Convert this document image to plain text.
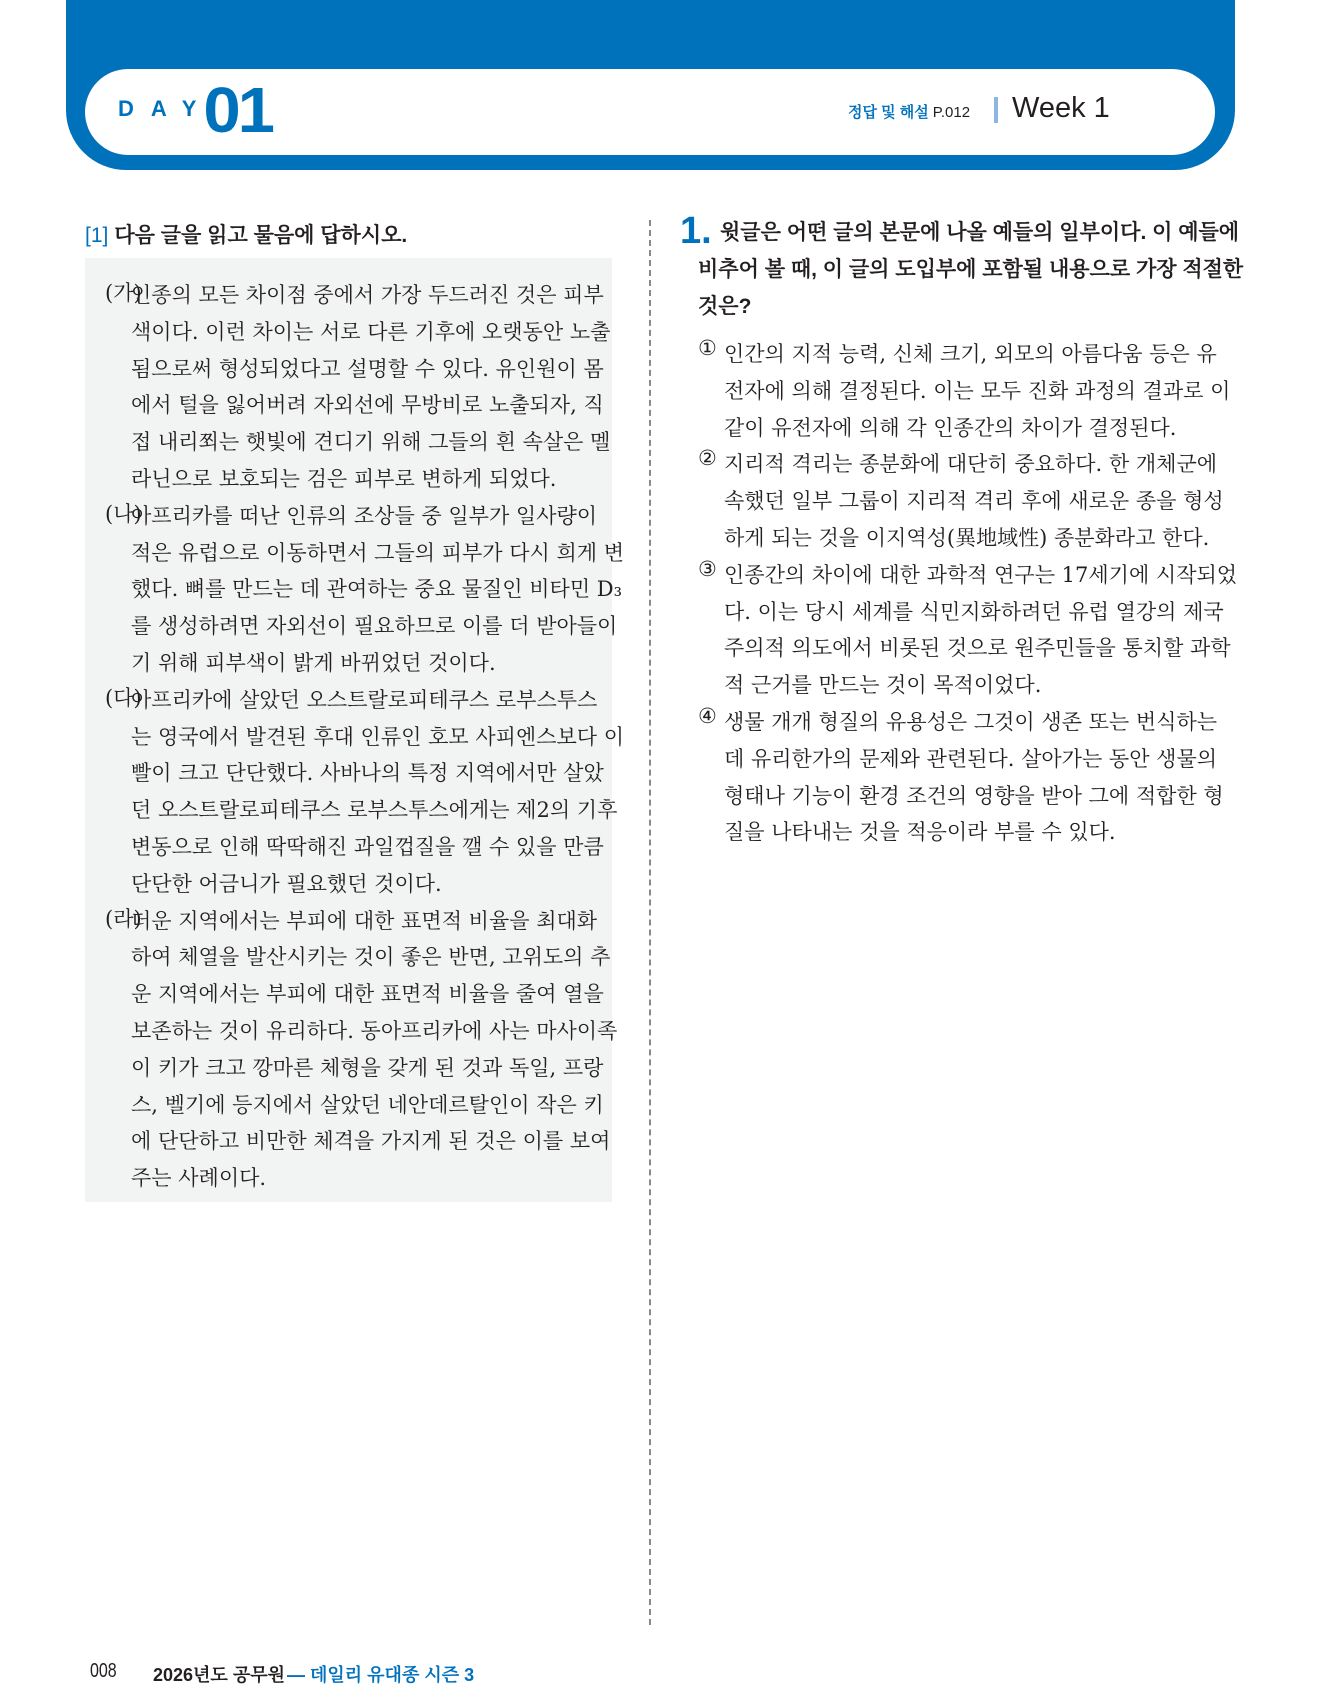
DAY
01	정답 및 해설 P.012 Week 1
[1] 다음 글을 읽고 물음에 답하시오.
(가)
인종의 모든 차이점 중에서 가장 두드러진 것은 피부
색이다. 이런 차이는 서로 다른 기후에 오랫동안 노출
됨으로써 형성되었다고 설명할 수 있다. 유인원이 몸
에서 털을 잃어버려 자외선에 무방비로 노출되자, 직
접 내리쬐는 햇빛에 견디기 위해 그들의 흰 속살은 멜
라닌으로 보호되는 검은 피부로 변하게 되었다.
(나)
아프리카를 떠난 인류의 조상들 중 일부가 일사량이
적은 유럽으로 이동하면서 그들의 피부가 다시 희게 변
했다. 뼈를 만드는 데 관여하는 중요 물질인 비타민 D₃
를 생성하려면 자외선이 필요하므로 이를 더 받아들이
기 위해 피부색이 밝게 바뀌었던 것이다.
(다)
아프리카에 살았던 오스트랄로피테쿠스 로부스투스
는 영국에서 발견된 후대 인류인 호모 사피엔스보다 이
빨이 크고 단단했다. 사바나의 특정 지역에서만 살았
던 오스트랄로피테쿠스 로부스투스에게는 제2의 기후
변동으로 인해 딱딱해진 과일껍질을 깰 수 있을 만큼
단단한 어금니가 필요했던 것이다.
(라)
더운 지역에서는 부피에 대한 표면적 비율을 최대화
하여 체열을 발산시키는 것이 좋은 반면, 고위도의 추
운 지역에서는 부피에 대한 표면적 비율을 줄여 열을
보존하는 것이 유리하다. 동아프리카에 사는 마사이족
이 키가 크고 깡마른 체형을 갖게 된 것과 독일, 프랑
스, 벨기에 등지에서 살았던 네안데르탈인이 작은 키
에 단단하고 비만한 체격을 가지게 된 것은 이를 보여
주는 사례이다.
1. 윗글은 어떤 글의 본문에 나올 예들의 일부이다. 이 예들에
비추어 볼 때, 이 글의 도입부에 포함될 내용으로 가장 적절한
것은?
① 인간의 지적 능력, 신체 크기, 외모의 아름다움 등은 유
전자에 의해 결정된다. 이는 모두 진화 과정의 결과로 이
같이 유전자에 의해 각 인종간의 차이가 결정된다.
② 지리적 격리는 종분화에 대단히 중요하다. 한 개체군에
속했던 일부 그룹이 지리적 격리 후에 새로운 종을 형성
하게 되는 것을 이지역성(異地域性) 종분화라고 한다.
③ 인종간의 차이에 대한 과학적 연구는 17세기에 시작되었
다. 이는 당시 세계를 식민지화하려던 유럽 열강의 제국
주의적 의도에서 비롯된 것으로 원주민들을 통치할 과학
적 근거를 만드는 것이 목적이었다.
④ 생물 개개 형질의 유용성은 그것이 생존 또는 번식하는
데 유리한가의 문제와 관련된다. 살아가는 동안 생물의
형태나 기능이 환경 조건의 영향을 받아 그에 적합한 형
질을 나타내는 것을 적응이라 부를 수 있다.
008 2026년도 공무원 — 데일리 유대종 시즌 3
